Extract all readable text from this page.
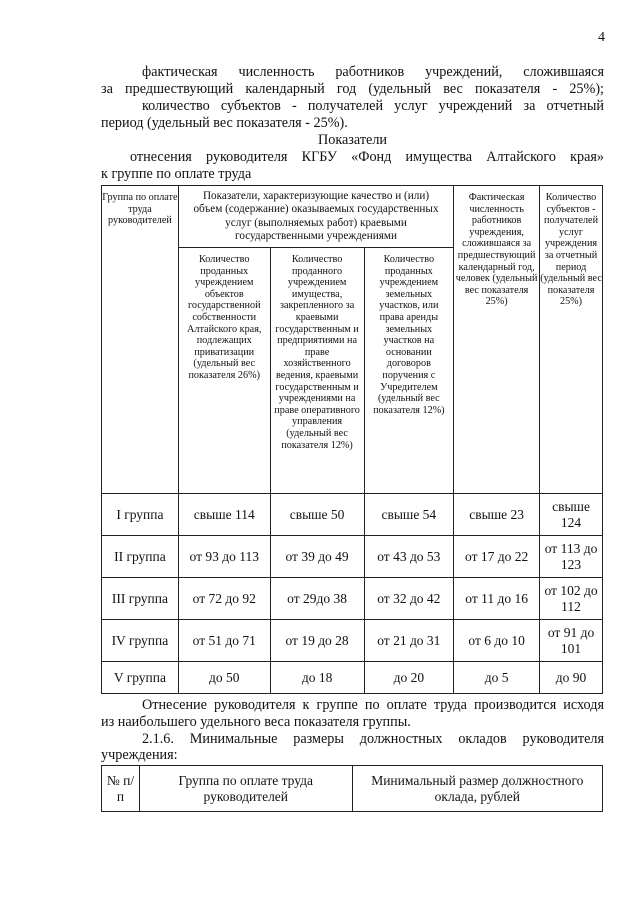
4
фактическая численность работников учреждений, сложившаяся
за предшествующий календарный год (удельный вес показателя - 25%);
количество субъектов - получателей услуг учреждений за отчетный
период (удельный вес показателя - 25%).
Показатели
отнесения руководителя КГБУ «Фонд имущества Алтайского края»
к группе по оплате труда
Группа по оплате труда руководителей	Показатели, характеризующие качество и (или) объем (содержание) оказываемых государственных услуг (выполняемых работ) краевыми государственными учреждениями			Фактическая численность работников учреждения, сложившаяся за предшествующий календарный год, человек (удельный вес показателя 25%)	Количество субъектов - получателей услуг учреждения за отчетный период (удельный вес показателя 25%)
	Количество проданных учреждением объектов государственной собственности Алтайского края, подлежащих приватизации (удельный вес показателя 26%)	Количество проданного учреждением имущества, закрепленного за краевыми государственным и предприятиями на праве хозяйственного ведения, краевыми государственным и учреждениями на праве оперативного управления (удельный вес показателя 12%)	Количество проданных учреждением земельных участков, или права аренды земельных участков на основании договоров поручения с Учредителем (удельный вес показателя 12%)		
I группа	свыше 114	свыше 50	свыше 54	свыше 23	свыше 124
II группа	от 93 до 113	от 39 до 49	от 43 до 53	от 17 до 22	от 113 до 123
III группа	от 72 до 92	от 29до 38	от 32 до 42	от 11 до 16	от 102 до 112
IV группа	от 51 до 71	от 19 до 28	от 21 до 31	от 6 до 10	от 91 до 101
V группа	до 50	до 18	до 20	до 5	до 90
Отнесение руководителя к группе по оплате труда производится исходя
из наибольшего удельного веса показателя группы.
2.1.6. Минимальные размеры должностных окладов руководителя
учреждения:
№ п/п	Группа по оплате труда руководителей	Минимальный размер должностного оклада, рублей
